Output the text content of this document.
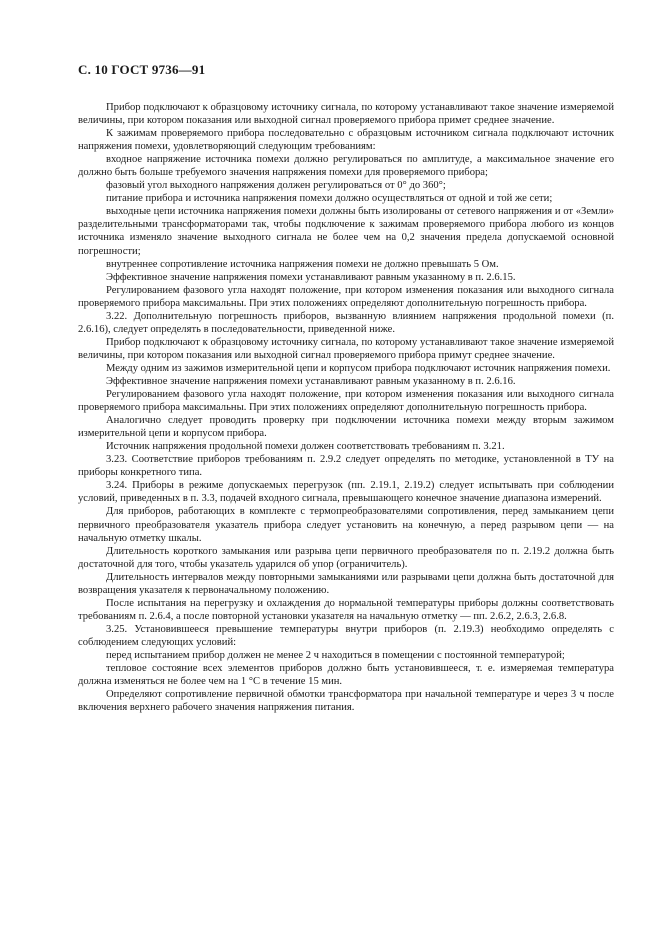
С. 10 ГОСТ 9736—91

Прибор подключают к образцовому источнику сигнала, по которому устанавливают такое значение измеряемой величины, при котором показания или выходной сигнал проверяемого прибора примет среднее значение.

К зажимам проверяемого прибора последовательно с образцовым источником сигнала подключают источник напряжения помехи, удовлетворяющий следующим требованиям:

входное напряжение источника помехи должно регулироваться по амплитуде, а максимальное значение его должно быть больше требуемого значения напряжения помехи для проверяемого прибора;

фазовый угол выходного напряжения должен регулироваться от 0° до 360°;

питание прибора и источника напряжения помехи должно осуществляться от одной и той же сети;

выходные цепи источника напряжения помехи должны быть изолированы от сетевого напряжения и от «Земли» разделительными трансформаторами так, чтобы подключение к зажимам проверяемого прибора любого из концов источника изменяло значение выходного сигнала не более чем на 0,2 значения предела допускаемой основной погрешности;

внутреннее сопротивление источника напряжения помехи не должно превышать 5 Ом.

Эффективное значение напряжения помехи устанавливают равным указанному в п. 2.6.15.

Регулированием фазового угла находят положение, при котором изменения показания или выходного сигнала проверяемого прибора максимальны. При этих положениях определяют дополнительную погрешность прибора.

3.22. Дополнительную погрешность приборов, вызванную влиянием напряжения продольной помехи (п. 2.6.16), следует определять в последовательности, приведенной ниже.

Прибор подключают к образцовому источнику сигнала, по которому устанавливают такое значение измеряемой величины, при котором показания или выходной сигнал проверяемого прибора примут среднее значение.

Между одним из зажимов измерительной цепи и корпусом прибора подключают источник напряжения помехи.

Эффективное значение напряжения помехи устанавливают равным указанному в п. 2.6.16.

Регулированием фазового угла находят положение, при котором изменения показания или выходного сигнала проверяемого прибора максимальны. При этих положениях определяют дополнительную погрешность прибора.

Аналогично следует проводить проверку при подключении источника помехи между вторым зажимом измерительной цепи и корпусом прибора.

Источник напряжения продольной помехи должен соответствовать требованиям п. 3.21.

3.23. Соответствие приборов требованиям п. 2.9.2 следует определять по методике, установленной в ТУ на приборы конкретного типа.

3.24. Приборы в режиме допускаемых перегрузок (пп. 2.19.1, 2.19.2) следует испытывать при соблюдении условий, приведенных в п. 3.3, подачей входного сигнала, превышающего конечное значение диапазона измерений.

Для приборов, работающих в комплекте с термопреобразователями сопротивления, перед замыканием цепи первичного преобразователя указатель прибора следует установить на конечную, а перед разрывом цепи — на начальную отметку шкалы.

Длительность короткого замыкания или разрыва цепи первичного преобразователя по п. 2.19.2 должна быть достаточной для того, чтобы указатель ударился об упор (ограничитель).

Длительность интервалов между повторными замыканиями или разрывами цепи должна быть достаточной для возвращения указателя к первоначальному положению.

После испытания на перегрузку и охлаждения до нормальной температуры приборы должны соответствовать требованиям п. 2.6.4, а после повторной установки указателя на начальную отметку — пп. 2.6.2, 2.6.3, 2.6.8.

3.25. Установившееся превышение температуры внутри приборов (п. 2.19.3) необходимо определять с соблюдением следующих условий:

перед испытанием прибор должен не менее 2 ч находиться в помещении с постоянной температурой;

тепловое состояние всех элементов приборов должно быть установившееся, т. е. измеряемая температура должна изменяться не более чем на 1 °С в течение 15 мин.

Определяют сопротивление первичной обмотки трансформатора при начальной температуре и через 3 ч после включения верхнего рабочего значения напряжения питания.
